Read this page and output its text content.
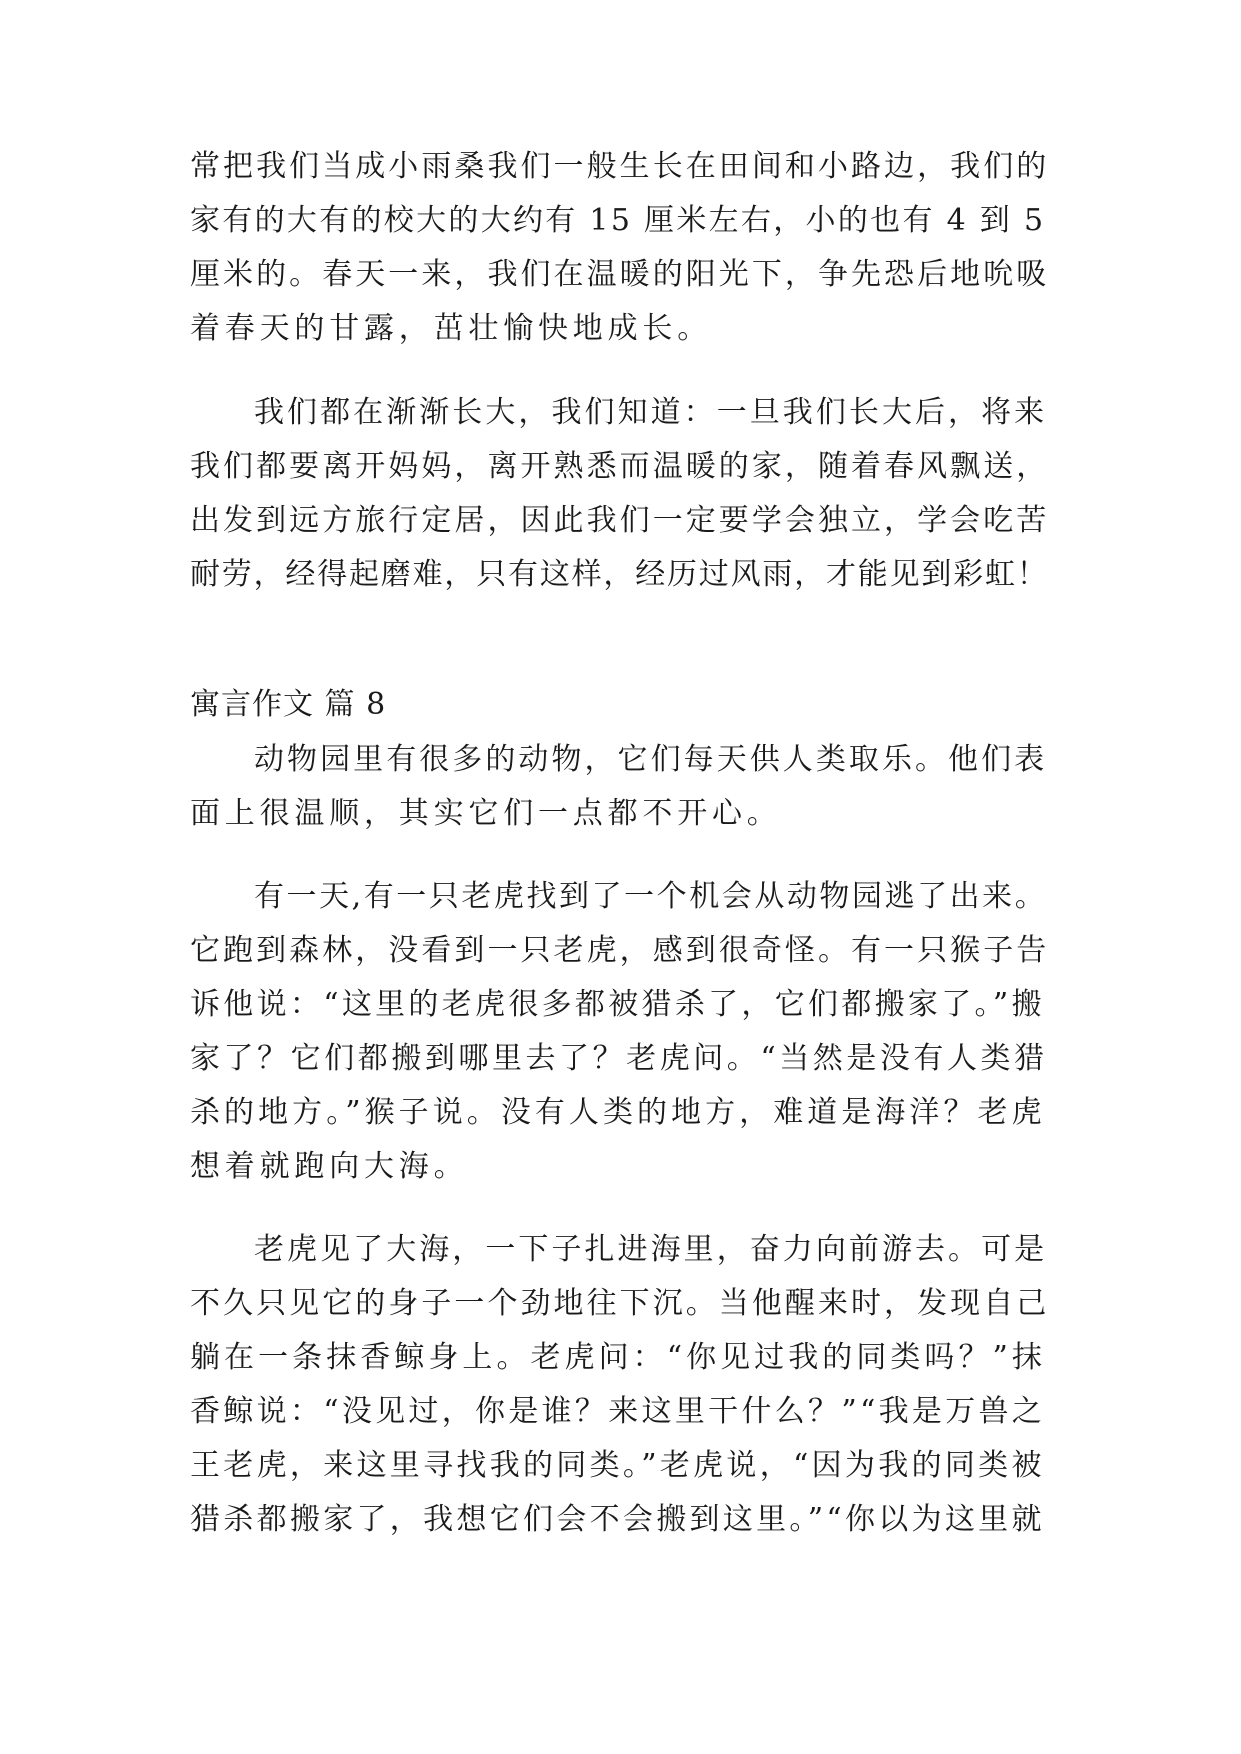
常把我们当成小雨桑我们一般生长在田间和小路边，我们的
家有的大有的校大的大约有 15 厘米左右，小的也有 4 到 5
厘米的。春天一来，我们在温暖的阳光下，争先恐后地吮吸
着春天的甘露，茁壮愉快地成长。
我们都在渐渐长大，我们知道：一旦我们长大后，将来
我们都要离开妈妈，离开熟悉而温暖的家，随着春风飘送，
出发到远方旅行定居，因此我们一定要学会独立，学会吃苦
耐劳，经得起磨难，只有这样，经历过风雨，才能见到彩虹！
寓言作文 篇 8
动物园里有很多的动物，它们每天供人类取乐。他们表
面上很温顺，其实它们一点都不开心。
有一天,有一只老虎找到了一个机会从动物园逃了出来。
它跑到森林，没看到一只老虎，感到很奇怪。有一只猴子告
诉他说：“这里的老虎很多都被猎杀了，它们都搬家了。”搬
家了？它们都搬到哪里去了？老虎问。“当然是没有人类猎
杀的地方。”猴子说。没有人类的地方，难道是海洋？老虎
想着就跑向大海。
老虎见了大海，一下子扎进海里，奋力向前游去。可是
不久只见它的身子一个劲地往下沉。当他醒来时，发现自己
躺在一条抹香鲸身上。老虎问：“你见过我的同类吗？”抹
香鲸说：“没见过，你是谁？来这里干什么？”“我是万兽之
王老虎，来这里寻找我的同类。”老虎说，“因为我的同类被
猎杀都搬家了，我想它们会不会搬到这里。”“你以为这里就
